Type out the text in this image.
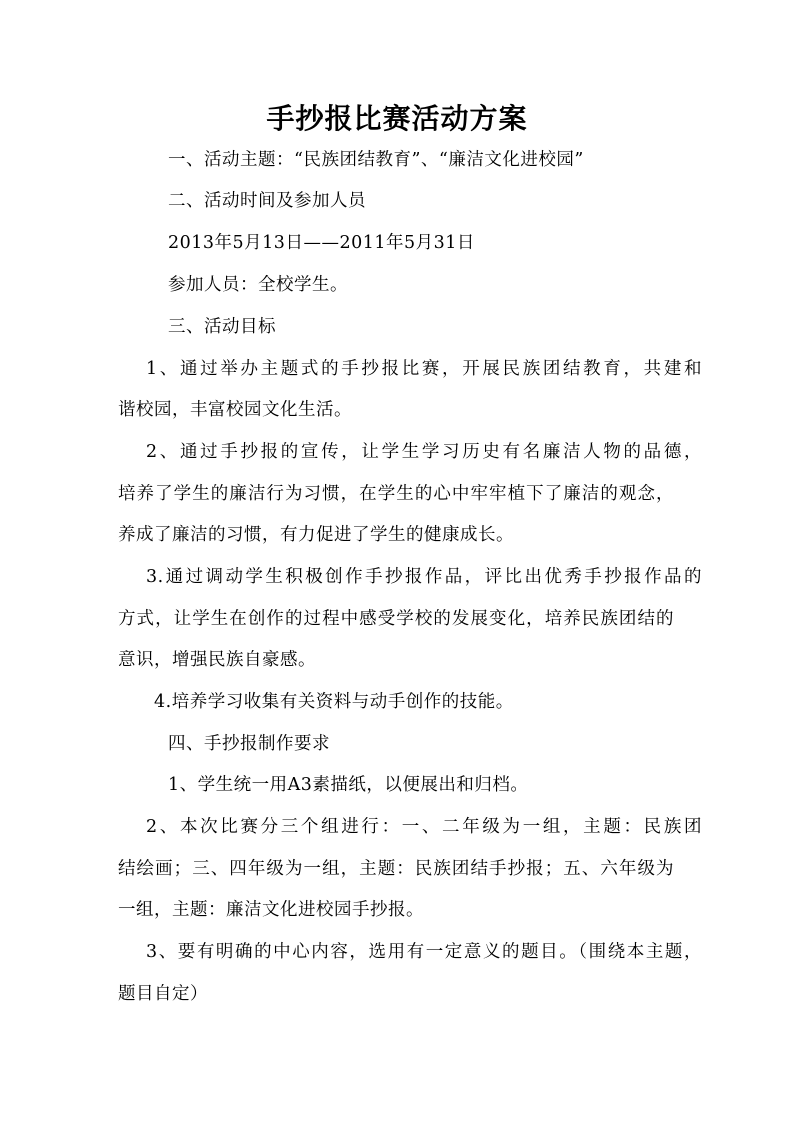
手抄报比赛活动方案
一、活动主题：“民族团结教育”、“廉洁文化进校园”
二、活动时间及参加人员
2013年5月13日——2011年5月31日
参加人员：全校学生。
三、活动目标
1、通过举办主题式的手抄报比赛，开展民族团结教育，共建和
谐校园，丰富校园文化生活。
2、通过手抄报的宣传，让学生学习历史有名廉洁人物的品德，
培养了学生的廉洁行为习惯，在学生的心中牢牢植下了廉洁的观念，
养成了廉洁的习惯，有力促进了学生的健康成长。
3.通过调动学生积极创作手抄报作品，评比出优秀手抄报作品的
方式，让学生在创作的过程中感受学校的发展变化，培养民族团结的
意识，增强民族自豪感。
4.培养学习收集有关资料与动手创作的技能。
四、手抄报制作要求
1、学生统一用A3素描纸，以便展出和归档。
2、本次比赛分三个组进行：一、二年级为一组，主题：民族团
结绘画；三、四年级为一组，主题：民族团结手抄报；五、六年级为
一组，主题：廉洁文化进校园手抄报。
3、要有明确的中心内容，选用有一定意义的题目。（围绕本主题，
题目自定）
